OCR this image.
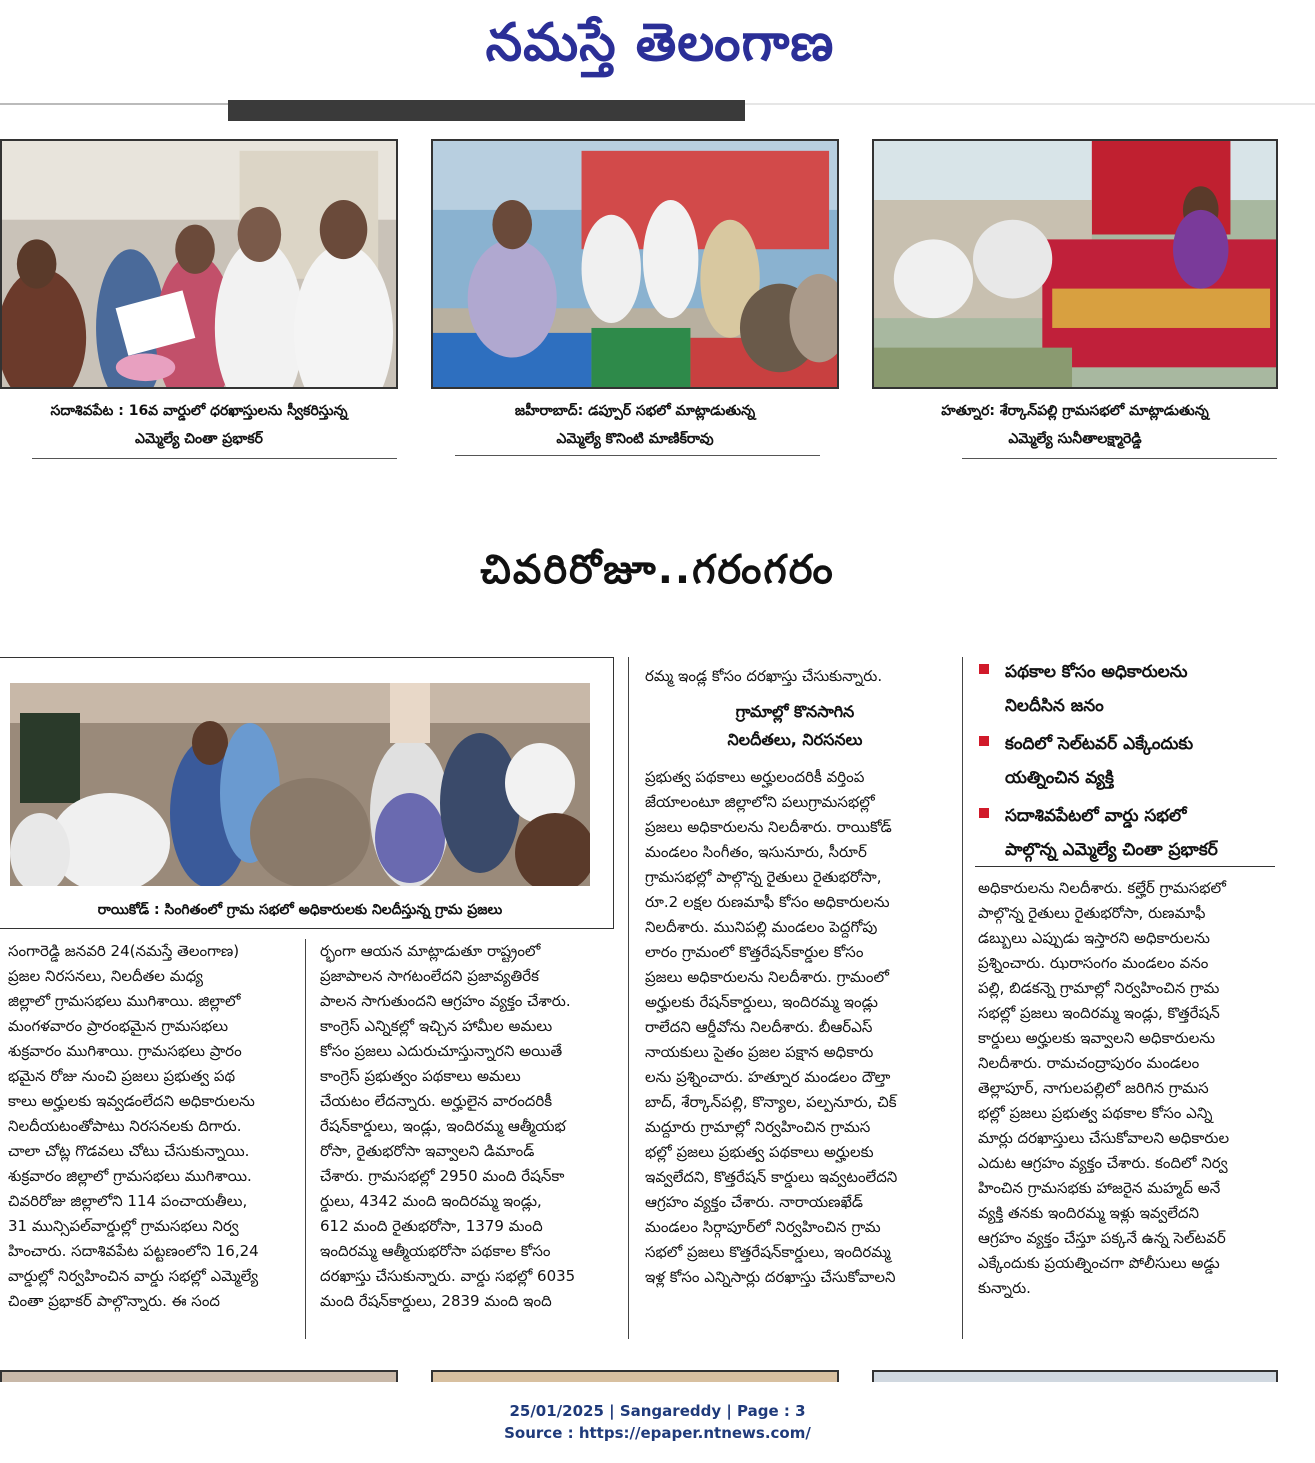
నమస్తే తెలంగాణ
సదాశివపేట : 16వ వార్డులో ధరఖాస్తులను స్వీకరిస్తున్న
ఎమ్మెల్యే చింతా ప్రభాకర్
జహీరాబాద్: డప్పూర్ సభలో మాట్లాడుతున్న
ఎమ్మెల్యే కొనింటి మాణిక్‌రావు
హత్నూర: శేర్కాన్‌పల్లి గ్రామసభలో మాట్లాడుతున్న
ఎమ్మెల్యే సునీతాలక్ష్మారెడ్డి
చివరిరోజూ..గరంగరం
రాయికోడ్ : సింగితంలో గ్రామ సభలో అధికారులకు నిలదీస్తున్న గ్రామ ప్రజలు

సంగారెడ్డి జనవరి 24(నమస్తే తెలంగాణ)

ప్రజల నిరసనలు, నిలదీతల మధ్య

జిల్లాలో గ్రామసభలు ముగిశాయి. జిల్లాలో

మంగళవారం ప్రారంభమైన గ్రామసభలు

శుక్రవారం ముగిశాయి. గ్రామసభలు ప్రారం

భమైన రోజు నుంచి ప్రజలు ప్రభుత్వ పథ

కాలు అర్హులకు ఇవ్వడంలేదని అధికారులను

నిలదీయటంతోపాటు నిరసనలకు దిగారు.

చాలా చోట్ల గొడవలు చోటు చేసుకున్నాయి.

శుక్రవారం జిల్లాలో గ్రామసభలు ముగిశాయి.

చివరిరోజు జిల్లాలోని 114 పంచాయతీలు,

31 మున్సిపల్‌వార్డుల్లో గ్రామసభలు నిర్వ

హించారు. సదాశివపేట పట్టణంలోని 16,24

వార్డుల్లో నిర్వహించిన వార్డు సభల్లో ఎమ్మెల్యే

చింతా ప్రభాకర్ పాల్గొన్నారు. ఈ సంద

ర్భంగా ఆయన మాట్లాడుతూ రాష్ట్రంలో

ప్రజాపాలన సాగటంలేదని ప్రజావ్యతిరేక

పాలన సాగుతుందని ఆగ్రహం వ్యక్తం చేశారు.

కాంగ్రెస్ ఎన్నికల్లో ఇచ్చిన హామీల అమలు

కోసం ప్రజలు ఎదురుచూస్తున్నారని అయితే

కాంగ్రెస్ ప్రభుత్వం పథకాలు అమలు

చేయటం లేదన్నారు. అర్హులైన వారందరికీ

రేషన్‌కార్డులు, ఇండ్లు, ఇందిరమ్మ ఆత్మీయభ

రోసా, రైతుభరోసా ఇవ్వాలని డిమాండ్

చేశారు. గ్రామసభల్లో 2950 మంది రేషన్‌కా

ర్డులు, 4342 మంది ఇందిరమ్మ ఇండ్లు,

612 మంది రైతుభరోసా, 1379 మంది

ఇందిరమ్మ ఆత్మీయభరోసా పథకాల కోసం

దరఖాస్తు చేసుకున్నారు. వార్డు సభల్లో 6035

మంది రేషన్‌కార్డులు, 2839 మంది ఇంది

రమ్మ ఇండ్ల కోసం దరఖాస్తు చేసుకున్నారు.

గ్రామాల్లో కొనసాగిన
నిలదీతలు, నిరసనలు

ప్రభుత్వ పథకాలు అర్హులందరికీ వర్తింప

జేయాలంటూ జిల్లాలోని పలుగ్రామసభల్లో

ప్రజలు అధికారులను నిలదీశారు. రాయికోడ్

మండలం సింగీతం, ఇసునూరు, సీరూర్

గ్రామసభల్లో పాల్గొన్న రైతులు రైతుభరోసా,

రూ.2 లక్షల రుణమాఫీ కోసం అధికారులను

నిలదీశారు. మునిపల్లి మండలం పెద్దగోపు

లారం గ్రామంలో కొత్తరేషన్‌కార్డుల కోసం

ప్రజలు అధికారులను నిలదీశారు. గ్రామంలో

అర్హులకు రేషన్‌కార్డులు, ఇందిరమ్మ ఇండ్లు

రాలేదని ఆర్డీవోను నిలదీశారు. బీఆర్‌ఎస్

నాయకులు సైతం ప్రజల పక్షాన అధికారు

లను ప్రశ్నించారు. హత్నూర మండలం దౌల్తా

బాద్, శేర్కాన్‌పల్లి, కొన్యాల, పల్పనూరు, చిక్

మద్దూరు గ్రామాల్లో నిర్వహించిన గ్రామస

భల్లో ప్రజలు ప్రభుత్వ పథకాలు అర్హులకు

ఇవ్వలేదని, కొత్తరేషన్ కార్డులు ఇవ్వటంలేదని

ఆగ్రహం వ్యక్తం చేశారు. నారాయణఖేడ్

మండలం సిర్గాపూర్‌లో నిర్వహించిన గ్రామ

సభలో ప్రజలు కొత్తరేషన్‌కార్డులు, ఇందిరమ్మ

ఇళ్ల కోసం ఎన్నిసార్లు దరఖాస్తు చేసుకోవాలని

పథకాల కోసం అధికారులను
నిలదీసిన జనం
కందిలో సెల్‌టవర్ ఎక్కేందుకు
యత్నించిన వ్యక్తి
సదాశివపేటలో వార్డు సభలో
పాల్గొన్న ఎమ్మెల్యే చింతా ప్రభాకర్

అధికారులను నిలదీశారు. కల్హేర్ గ్రామసభలో

పాల్గొన్న రైతులు రైతుభరోసా, రుణమాఫీ

డబ్బులు ఎప్పుడు ఇస్తారని అధికారులను

ప్రశ్నించారు. ఝరాసంగం మండలం వనం

పల్లి, బిడకన్నె గ్రామాల్లో నిర్వహించిన గ్రామ

సభల్లో ప్రజలు ఇందిరమ్మ ఇండ్లు, కొత్తరేషన్

కార్డులు అర్హులకు ఇవ్వాలని అధికారులను

నిలదీశారు. రామచంద్రాపురం మండలం

తెల్లాపూర్, నాగులపల్లిలో జరిగిన గ్రామస

భల్లో ప్రజలు ప్రభుత్వ పథకాల కోసం ఎన్ని

మార్లు దరఖాస్తులు చేసుకోవాలని అధికారుల

ఎదుట ఆగ్రహం వ్యక్తం చేశారు. కందిలో నిర్వ

హించిన గ్రామసభకు హాజరైన మహ్మద్ అనే

వ్యక్తి తనకు ఇందిరమ్మ ఇళ్లు ఇవ్వలేదని

ఆగ్రహం వ్యక్తం చేస్తూ పక్కనే ఉన్న సెల్‌టవర్

ఎక్కేందుకు ప్రయత్నించగా పోలీసులు అడ్డు

కున్నారు.

25/01/2025 | Sangareddy | Page : 3
Source : https://epaper.ntnews.com/
